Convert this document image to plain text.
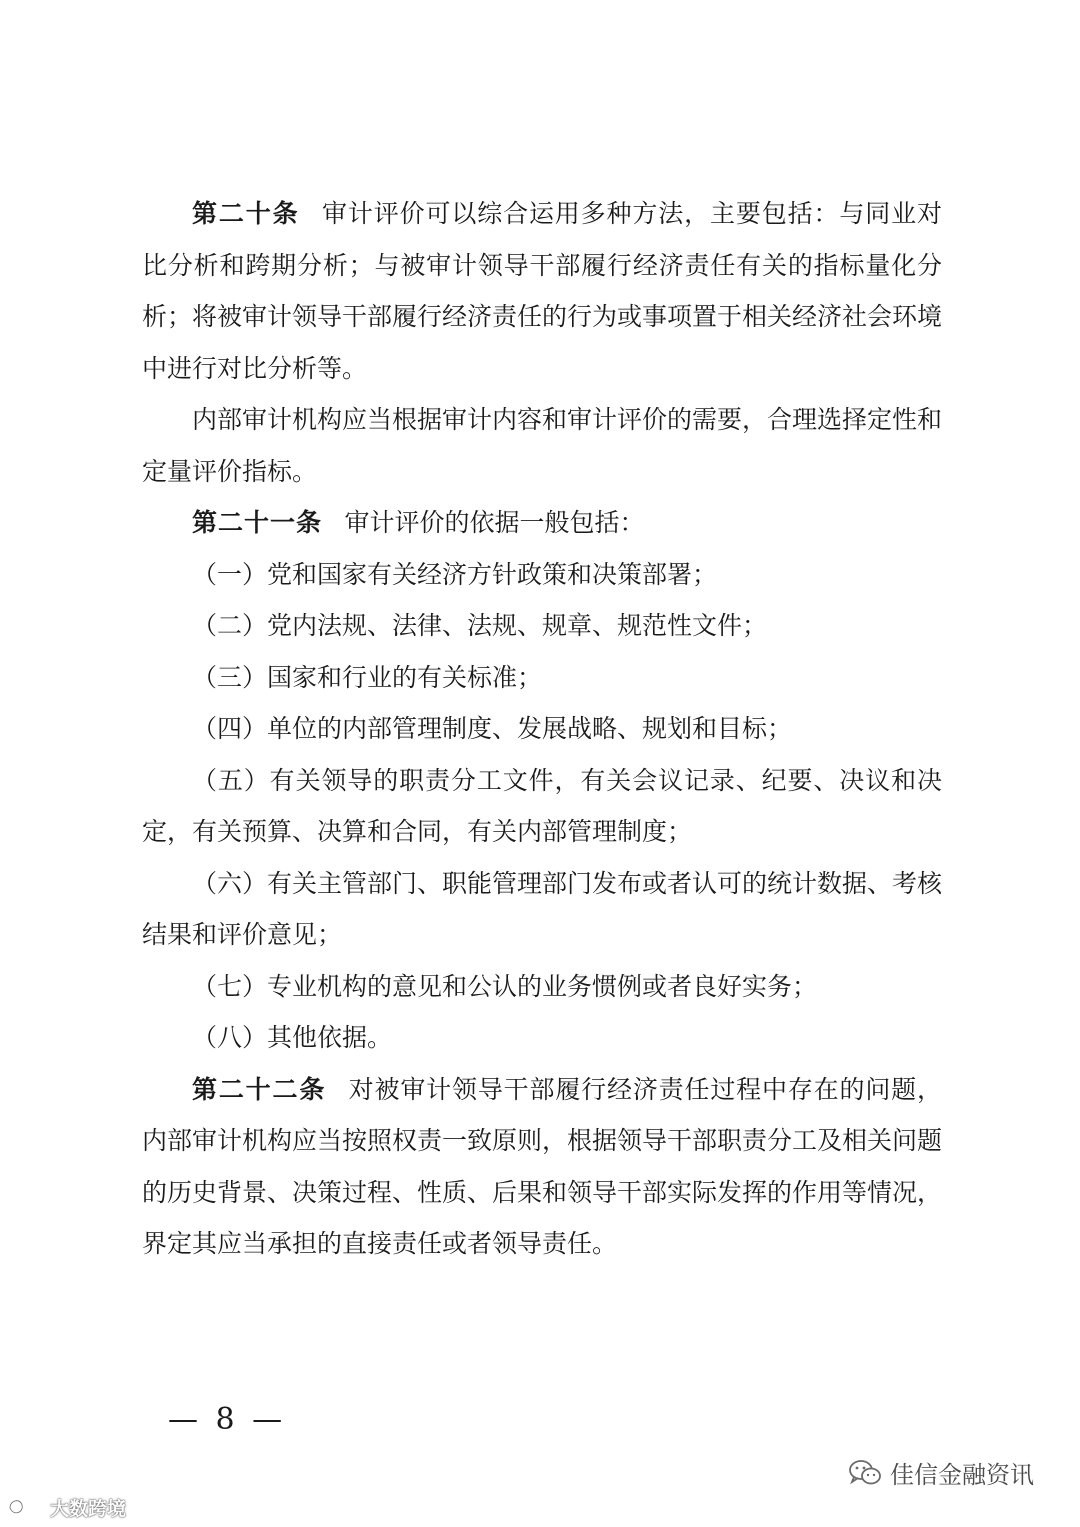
第二十条 审计评价可以综合运用多种方法，主要包括：与同业对比分析和跨期分析；与被审计领导干部履行经济责任有关的指标量化分析；将被审计领导干部履行经济责任的行为或事项置于相关经济社会环境中进行对比分析等。

内部审计机构应当根据审计内容和审计评价的需要，合理选择定性和定量评价指标。

第二十一条 审计评价的依据一般包括：

（一）党和国家有关经济方针政策和决策部署；

（二）党内法规、法律、法规、规章、规范性文件；

（三）国家和行业的有关标准；

（四）单位的内部管理制度、发展战略、规划和目标；

（五）有关领导的职责分工文件，有关会议记录、纪要、决议和决定，有关预算、决算和合同，有关内部管理制度；

（六）有关主管部门、职能管理部门发布或者认可的统计数据、考核结果和评价意见；

（七）专业机构的意见和公认的业务惯例或者良好实务；

（八）其他依据。

第二十二条 对被审计领导干部履行经济责任过程中存在的问题，内部审计机构应当按照权责一致原则，根据领导干部职责分工及相关问题的历史背景、决策过程、性质、后果和领导干部实际发挥的作用等情况，界定其应当承担的直接责任或者领导责任。

— 8 —
佳信金融资讯
大数跨境
